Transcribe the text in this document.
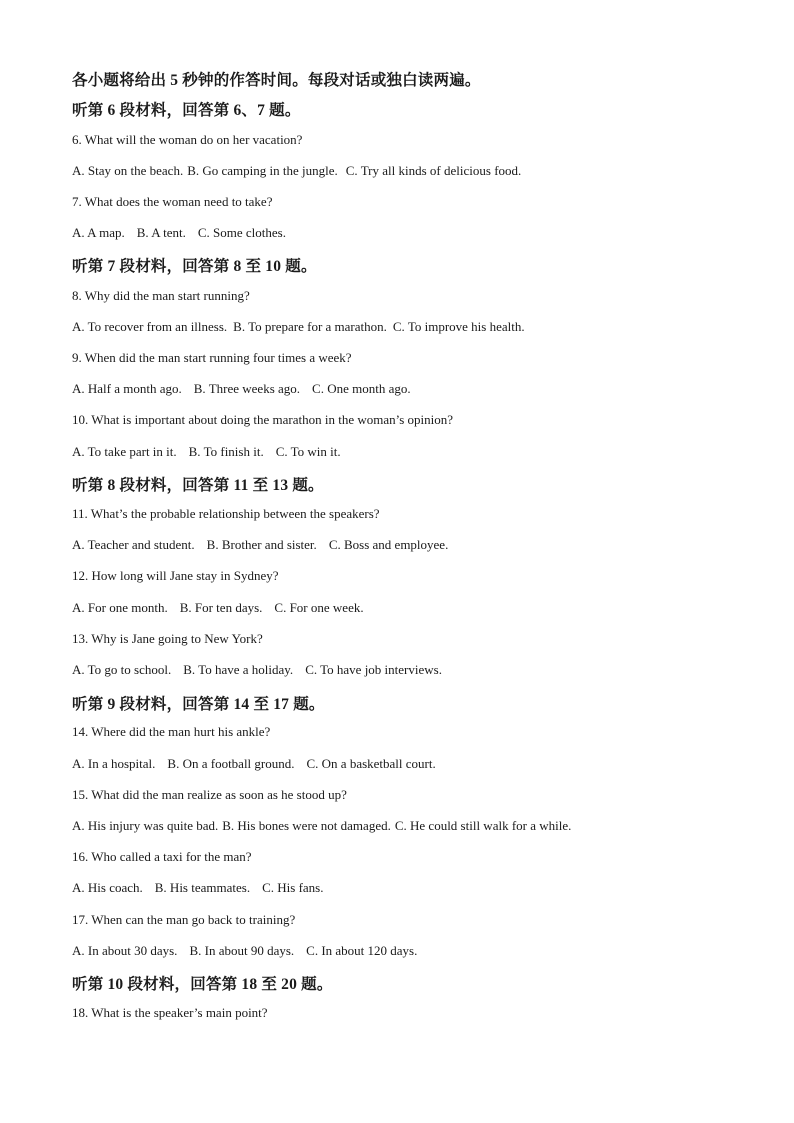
各小题将给出 5 秒钟的作答时间。每段对话或独白读两遍。
听第 6 段材料，回答第 6、7 题。
6. What will the woman do on her vacation?
A. Stay on the beach. B. Go camping in the jungle. C. Try all kinds of delicious food.
7. What does the woman need to take?
A. A map. B. A tent. C. Some clothes.
听第 7 段材料，回答第 8 至 10 题。
8. Why did the man start running?
A. To recover from an illness. B. To prepare for a marathon. C. To improve his health.
9. When did the man start running four times a week?
A. Half a month ago. B. Three weeks ago. C. One month ago.
10. What is important about doing the marathon in the woman’s opinion?
A. To take part in it. B. To finish it. C. To win it.
听第 8 段材料，回答第 11 至 13 题。
11. What’s the probable relationship between the speakers?
A. Teacher and student. B. Brother and sister. C. Boss and employee.
12. How long will Jane stay in Sydney?
A. For one month. B. For ten days. C. For one week.
13. Why is Jane going to New York?
A. To go to school. B. To have a holiday. C. To have job interviews.
听第 9 段材料，回答第 14 至 17 题。
14. Where did the man hurt his ankle?
A. In a hospital. B. On a football ground. C. On a basketball court.
15. What did the man realize as soon as he stood up?
A. His injury was quite bad. B. His bones were not damaged. C. He could still walk for a while.
16. Who called a taxi for the man?
A. His coach. B. His teammates. C. His fans.
17. When can the man go back to training?
A. In about 30 days. B. In about 90 days. C. In about 120 days.
听第 10 段材料，回答第 18 至 20 题。
18. What is the speaker’s main point?
